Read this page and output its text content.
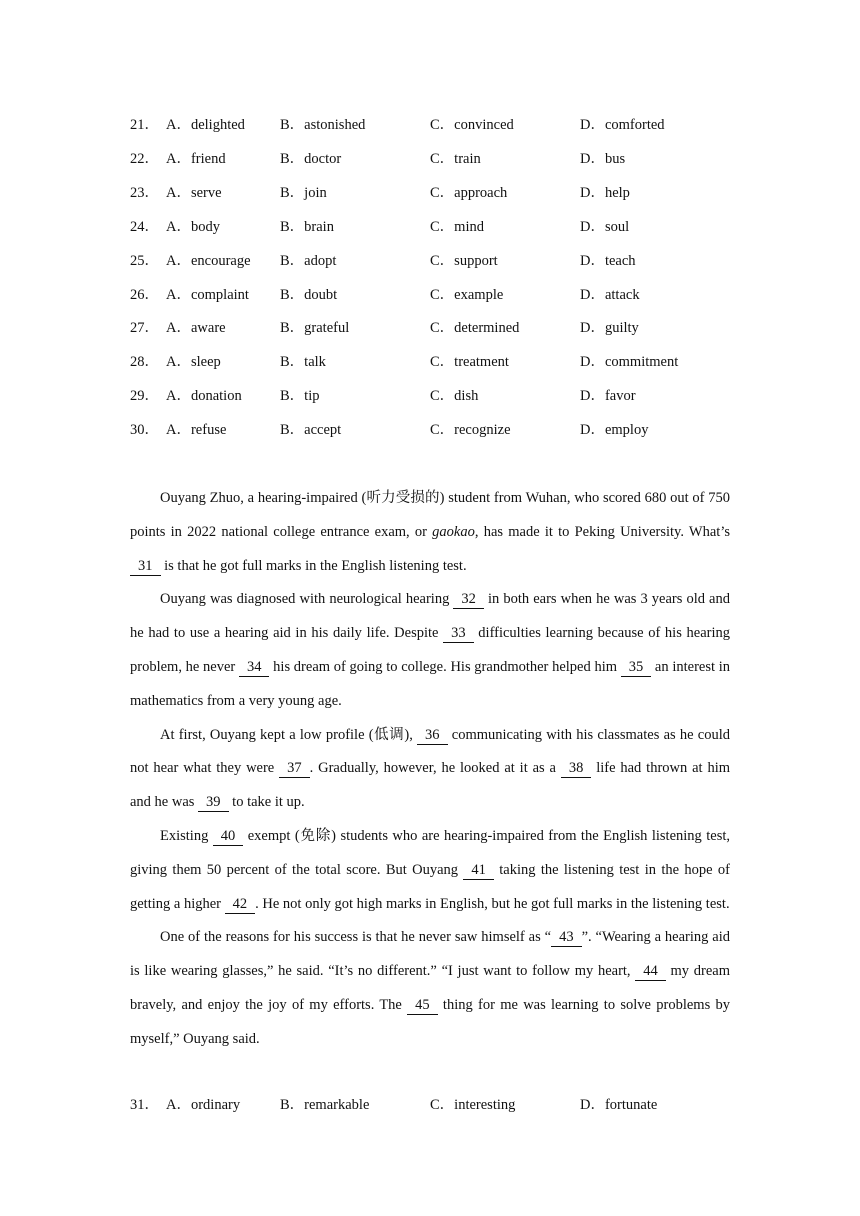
21． A．delighted B．astonished	C．convinced	D．comforted
22． A．friend	B．doctor	C．train	D．bus
23． A．serve	B．join	C．approach	D．help
24． A．body	B．brain	C．mind	D．soul
25． A．encourage B．adopt	C．support	D．teach
26． A．complaint B．doubt	C．example	D．attack
27． A．aware	B．grateful	C．determined	D．guilty
28． A．sleep	B．talk	C．treatment	D．commitment
29． A．donation	B．tip	C．dish	D．favor
30． A．refuse	B．accept	C．recognize	D．employ

Ouyang Zhuo, a hearing-impaired (听力受损的) student from Wuhan, who scored 680 out of 750 points in 2022 national college entrance exam, or gaokao, has made it to Peking University. What’s 31 is that he got full marks in the English listening test.

Ouyang was diagnosed with neurological hearing 32 in both ears when he was 3 years old and he had to use a hearing aid in his daily life. Despite 33 difficulties learning because of his hearing problem, he never 34 his dream of going to college. His grandmother helped him 35 an interest in mathematics from a very young age.

At first, Ouyang kept a low profile (低调), 36 communicating with his classmates as he could not hear what they were 37 . Gradually, however, he looked at it as a 38 life had thrown at him and he was 39 to take it up.

Existing 40 exempt (免除) students who are hearing-impaired from the English listening test, giving them 50 percent of the total score. But Ouyang 41 taking the listening test in the hope of getting a higher 42 . He not only got high marks in English, but he got full marks in the listening test.

One of the reasons for his success is that he never saw himself as “ 43 ”. “Wearing a hearing aid is like wearing glasses,” he said. “It’s no different.” “I just want to follow my heart, 44 my dream bravely, and enjoy the joy of my efforts. The 45 thing for me was learning to solve problems by myself,” Ouyang said.

31． A．ordinary	B．remarkable	C．interesting	D．fortunate
